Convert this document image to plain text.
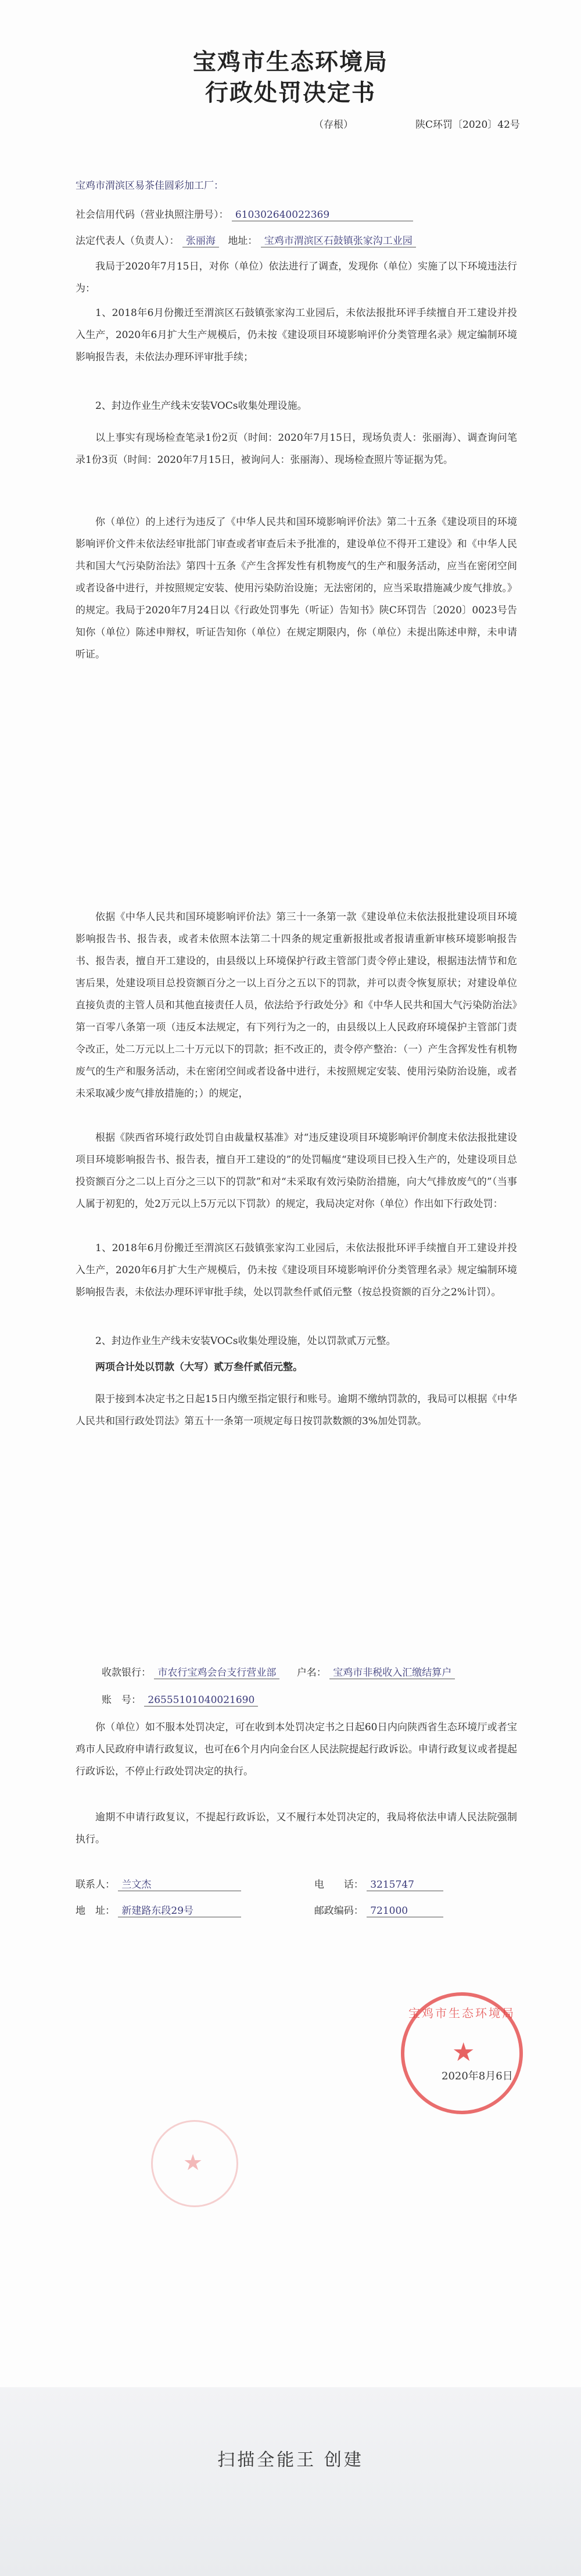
宝鸡市生态环境局
行政处罚决定书
（存根）	陕C环罚〔2020〕42号
宝鸡市渭滨区易茶佳圆彩加工厂：
社会信用代码（营业执照注册号）： 610302640022369
法定代表人（负责人）： 张丽海 地址： 宝鸡市渭滨区石鼓镇张家沟工业园
我局于2020年7月15日，对你（单位）依法进行了调查，发现你（单位）实施了以下环境违法行为：
1、2018年6月份搬迁至渭滨区石鼓镇张家沟工业园后，未依法报批环评手续擅自开工建设并投入生产，2020年6月扩大生产规模后，仍未按《建设项目环境影响评价分类管理名录》规定编制环境影响报告表，未依法办理环评审批手续；
2、封边作业生产线未安装VOCs收集处理设施。
以上事实有现场检查笔录1份2页（时间：2020年7月15日，现场负责人：张丽海）、调查询问笔录1份3页（时间：2020年7月15日，被询问人：张丽海）、现场检查照片等证据为凭。
你（单位）的上述行为违反了《中华人民共和国环境影响评价法》第二十五条《建设项目的环境影响评价文件未依法经审批部门审查或者审查后未予批准的，建设单位不得开工建设》和《中华人民共和国大气污染防治法》第四十五条《产生含挥发性有机物废气的生产和服务活动，应当在密闭空间或者设备中进行，并按照规定安装、使用污染防治设施；无法密闭的，应当采取措施减少废气排放。》的规定。我局于2020年7月24日以《行政处罚事先（听证）告知书》陕C环罚告〔2020〕0023号告知你（单位）陈述申辩权，听证告知你（单位）在规定期限内，你（单位）未提出陈述申辩，未申请听证。
依据《中华人民共和国环境影响评价法》第三十一条第一款《建设单位未依法报批建设项目环境影响报告书、报告表，或者未依照本法第二十四条的规定重新报批或者报请重新审核环境影响报告书、报告表，擅自开工建设的，由县级以上环境保护行政主管部门责令停止建设，根据违法情节和危害后果，处建设项目总投资额百分之一以上百分之五以下的罚款，并可以责令恢复原状；对建设单位直接负责的主管人员和其他直接责任人员，依法给予行政处分》和《中华人民共和国大气污染防治法》第一百零八条第一项（违反本法规定，有下列行为之一的，由县级以上人民政府环境保护主管部门责令改正，处二万元以上二十万元以下的罚款；拒不改正的，责令停产整治：（一）产生含挥发性有机物废气的生产和服务活动，未在密闭空间或者设备中进行，未按照规定安装、使用污染防治设施，或者未采取减少废气排放措施的；）的规定，
根据《陕西省环境行政处罚自由裁量权基准》对“违反建设项目环境影响评价制度未依法报批建设项目环境影响报告书、报告表，擅自开工建设的”的处罚幅度“建设项目已投入生产的，处建设项目总投资额百分之二以上百分之三以下的罚款”和对“未采取有效污染防治措施，向大气排放废气的”（当事人属于初犯的，处2万元以上5万元以下罚款）的规定，我局决定对你（单位）作出如下行政处罚：
1、2018年6月份搬迁至渭滨区石鼓镇张家沟工业园后，未依法报批环评手续擅自开工建设并投入生产，2020年6月扩大生产规模后，仍未按《建设项目环境影响评价分类管理名录》规定编制环境影响报告表，未依法办理环评审批手续，处以罚款叁仟贰佰元整（按总投资额的百分之2%计罚）。
2、封边作业生产线未安装VOCs收集处理设施，处以罚款贰万元整。
两项合计处以罚款（大写）贰万叁仟贰佰元整。
限于接到本决定书之日起15日内缴至指定银行和账号。逾期不缴纳罚款的，我局可以根据《中华人民共和国行政处罚法》第五十一条第一项规定每日按罚款数额的3%加处罚款。
收款银行： 市农行宝鸡会台支行营业部 户名： 宝鸡市非税收入汇缴结算户
账　号： 26555101040021690
你（单位）如不服本处罚决定，可在收到本处罚决定书之日起60日内向陕西省生态环境厅或者宝鸡市人民政府申请行政复议，也可在6个月内向金台区人民法院提起行政诉讼。申请行政复议或者提起行政诉讼，不停止行政处罚决定的执行。
逾期不申请行政复议，不提起行政诉讼，又不履行本处罚决定的，我局将依法申请人民法院强制执行。
联系人： 兰文杰	电　　话： 3215747
地　址： 新建路东段29号	邮政编码： 721000
宝鸡市生态环境局
★
2020年8月6日
★
扫描全能王 创建
